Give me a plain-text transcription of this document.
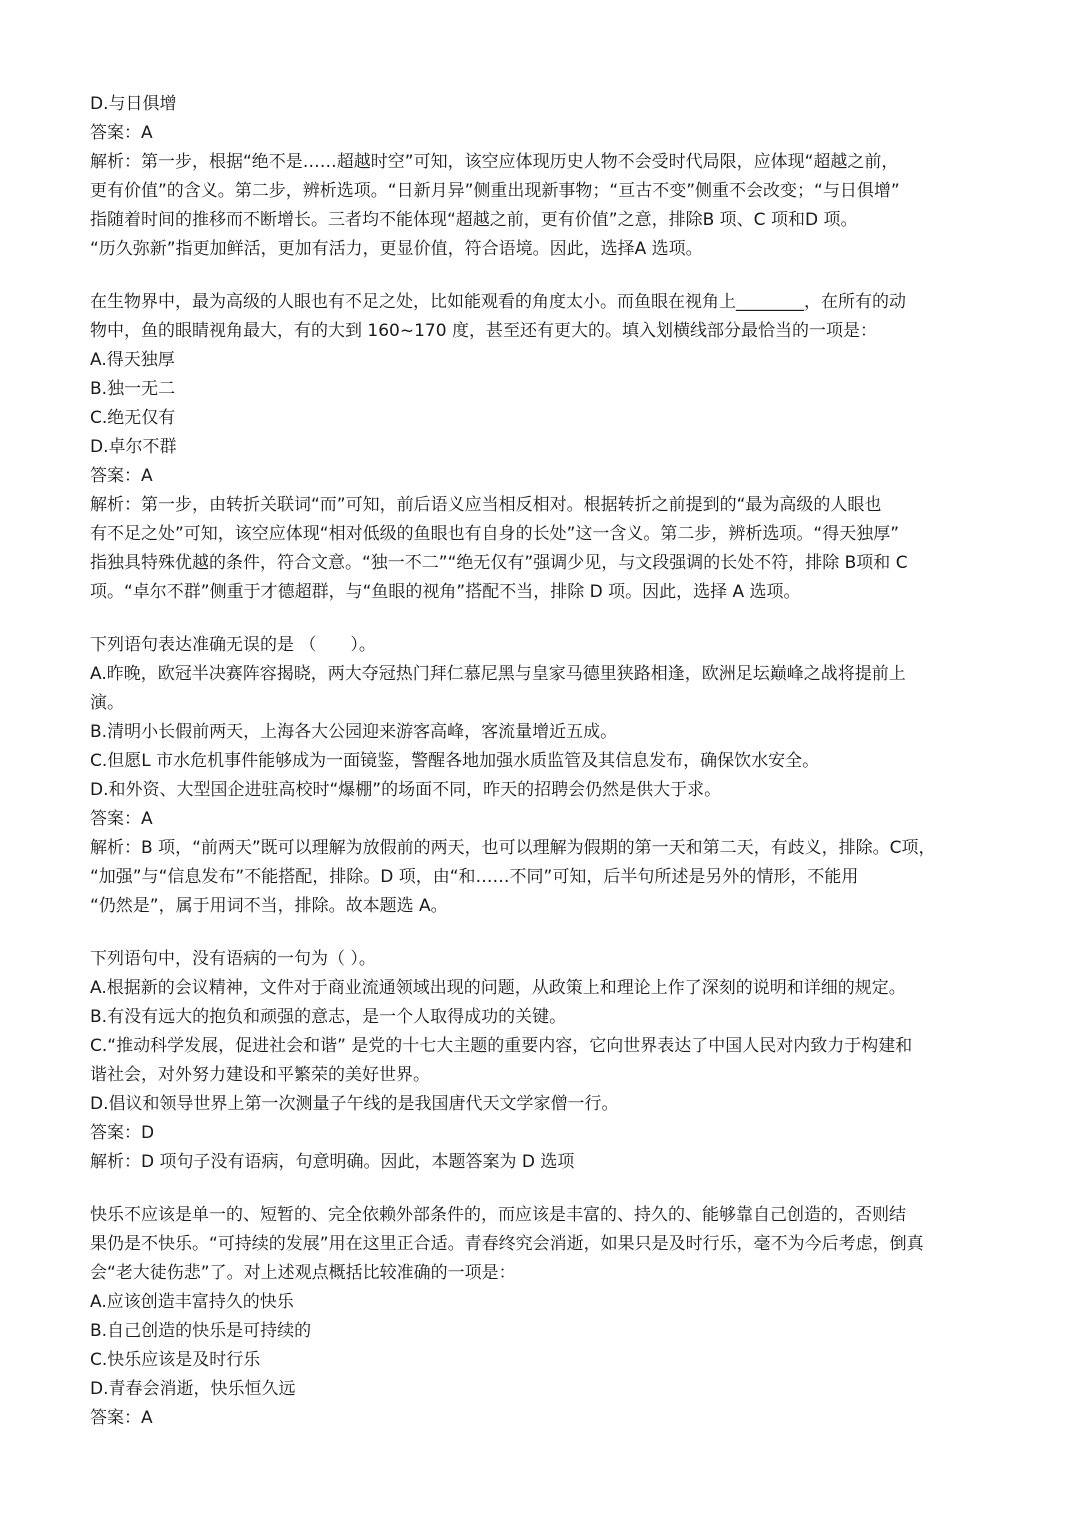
D.与日俱增

答案：A

解析：第一步，根据“绝不是……超越时空”可知，该空应体现历史人物不会受时代局限，应体现“超越之前，

更有价值”的含义。第二步，辨析选项。“日新月异”侧重出现新事物；“亘古不变”侧重不会改变；“与日俱增”

指随着时间的推移而不断增长。三者均不能体现“超越之前，更有价值”之意，排除B 项、C 项和D 项。

“历久弥新”指更加鲜活，更加有活力，更显价值，符合语境。因此，选择A 选项。

在生物界中，最为高级的人眼也有不足之处，比如能观看的角度太小。而鱼眼在视角上________，在所有的动

物中，鱼的眼睛视角最大，有的大到 160~170 度，甚至还有更大的。填入划横线部分最恰当的一项是：

A.得天独厚

B.独一无二

C.绝无仅有

D.卓尔不群

答案：A

解析：第一步，由转折关联词“而”可知，前后语义应当相反相对。根据转折之前提到的“最为高级的人眼也

有不足之处”可知，该空应体现“相对低级的鱼眼也有自身的长处”这一含义。第二步，辨析选项。“得天独厚”

指独具特殊优越的条件，符合文意。“独一不二”“绝无仅有”强调少见，与文段强调的长处不符，排除 B项和 C

项。“卓尔不群”侧重于才德超群，与“鱼眼的视角”搭配不当，排除 D 项。因此，选择 A 选项。

下列语句表达准确无误的是 （　　）。

A.昨晚，欧冠半决赛阵容揭晓，两大夺冠热门拜仁慕尼黑与皇家马德里狭路相逢，欧洲足坛巅峰之战将提前上

演。

B.清明小长假前两天，上海各大公园迎来游客高峰，客流量增近五成。

C.但愿L 市水危机事件能够成为一面镜鉴，警醒各地加强水质监管及其信息发布，确保饮水安全。

D.和外资、大型国企进驻高校时“爆棚”的场面不同，昨天的招聘会仍然是供大于求。

答案：A

解析：B 项，“前两天”既可以理解为放假前的两天，也可以理解为假期的第一天和第二天，有歧义，排除。C项，

“加强”与“信息发布”不能搭配，排除。D 项，由“和……不同”可知，后半句所述是另外的情形，不能用

“仍然是”，属于用词不当，排除。故本题选 A。

下列语句中，没有语病的一句为（ ）。

A.根据新的会议精神，文件对于商业流通领域出现的问题，从政策上和理论上作了深刻的说明和详细的规定。

B.有没有远大的抱负和顽强的意志，是一个人取得成功的关键。

C.“推动科学发展，促进社会和谐” 是党的十七大主题的重要内容，它向世界表达了中国人民对内致力于构建和

谐社会，对外努力建设和平繁荣的美好世界。

D.倡议和领导世界上第一次测量子午线的是我国唐代天文学家僧一行。

答案：D

解析：D 项句子没有语病，句意明确。因此，本题答案为 D 选项

快乐不应该是单一的、短暂的、完全依赖外部条件的，而应该是丰富的、持久的、能够靠自己创造的，否则结

果仍是不快乐。“可持续的发展”用在这里正合适。青春终究会消逝，如果只是及时行乐，毫不为今后考虑，倒真

会“老大徒伤悲”了。对上述观点概括比较准确的一项是：

A.应该创造丰富持久的快乐

B.自己创造的快乐是可持续的

C.快乐应该是及时行乐

D.青春会消逝，快乐恒久远

答案：A
